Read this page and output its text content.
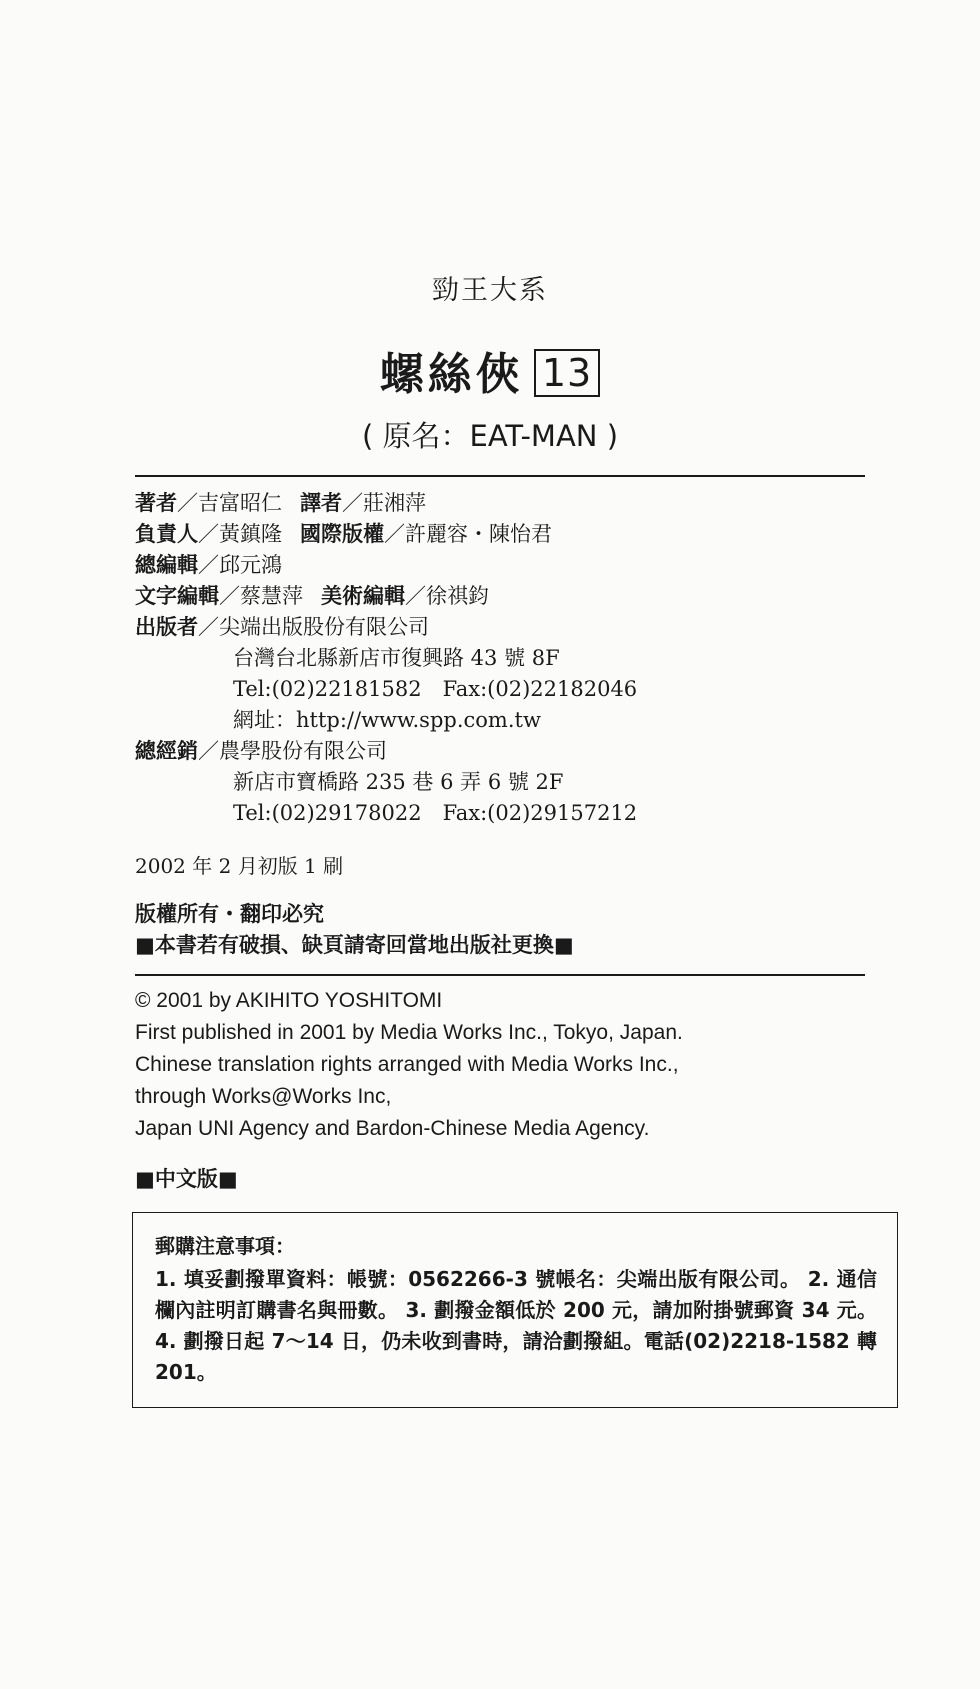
勁王大系
螺絲俠 13
( 原名：EAT-MAN )
著者／吉富昭仁 譯者／莊湘萍
負責人／黃鎮隆 國際版權／許麗容・陳怡君
總編輯／邱元鴻
文字編輯／蔡慧萍 美術編輯／徐祺鈞
出版者／尖端出版股份有限公司
台灣台北縣新店市復興路 43 號 8F
Tel:(02)22181582　Fax:(02)22182046
網址：http://www.spp.com.tw
總經銷／農學股份有限公司
新店市寶橋路 235 巷 6 弄 6 號 2F
Tel:(02)29178022　Fax:(02)29157212
2002 年 2 月初版 1 刷
版權所有・翻印必究
■本書若有破損、缺頁請寄回當地出版社更換■
© 2001 by AKIHITO YOSHITOMI
First published in 2001 by Media Works Inc., Tokyo, Japan.
Chinese translation rights arranged with Media Works Inc.,
through Works@Works Inc,
Japan UNI Agency and Bardon-Chinese Media Agency.
■中文版■
郵購注意事項：
1. 填妥劃撥單資料：帳號：0562266-3 號帳名：尖端出版有限公司。 2. 通信欄內註明訂購書名與冊數。 3. 劃撥金額低於 200 元，請加附掛號郵資 34 元。 4. 劃撥日起 7～14 日，仍未收到書時，請洽劃撥組。電話(02)2218-1582 轉 201。
